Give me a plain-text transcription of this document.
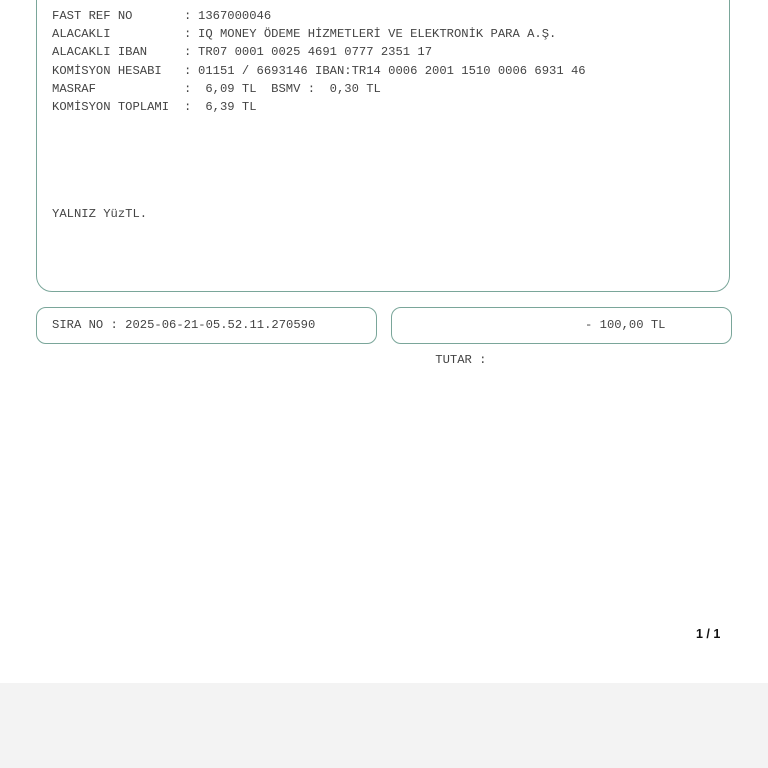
FAST REF NO	: 1367000046
ALACAKLI	: IQ MONEY ÖDEME HİZMETLERİ VE ELEKTRONİK PARA A.Ş.
ALACAKLI IBAN	: TR07 0001 0025 4691 0777 2351 17
KOMİSYON HESABI	: 01151 / 6693146 IBAN:TR14 0006 2001 1510 0006 6931 46
MASRAF	: 6,09 TL  BSMV :  0,30 TL
KOMİSYON TOPLAMI	: 6,39 TL
YALNIZ YüzTL.
SIRA NO : 2025-06-21-05.52.11.270590

TUTAR :

- 100,00 TL

1 / 1
